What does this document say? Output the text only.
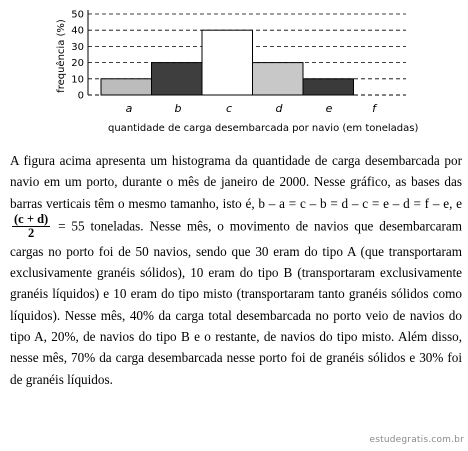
0
10
20
30
40
50
a	b	c	d	e	f
frequência (%)
quantidade de carga desembarcada por navio (em toneladas)

A figura acima apresenta um histograma da quantidade de carga desembarcada por navio em um porto, durante o mês de janeiro de 2000. Nesse gráfico, as bases das barras verticais têm o mesmo tamanho, isto é, b – a = c – b = d – c = e – d = f – e, e
$\frac{(c + d)}{2} = 55$ toneladas. Nesse mês, o movimento de navios que desembarcaram cargas no porto foi de 50 navios, sendo que 30 eram do tipo A (que transportaram exclusivamente granéis sólidos), 10 eram do tipo B (transportaram exclusivamente granéis líquidos) e 10 eram do tipo misto (transportaram tanto granéis sólidos como líquidos). Nesse mês, 40% da carga total desembarcada no porto veio de navios do tipo A, 20%, de navios do tipo B e o restante, de navios do tipo misto. Além disso, nesse mês, 70% da carga desembarcada nesse porto foi de granéis sólidos e 30% foi de granéis líquidos.

estudegratis.com.br
